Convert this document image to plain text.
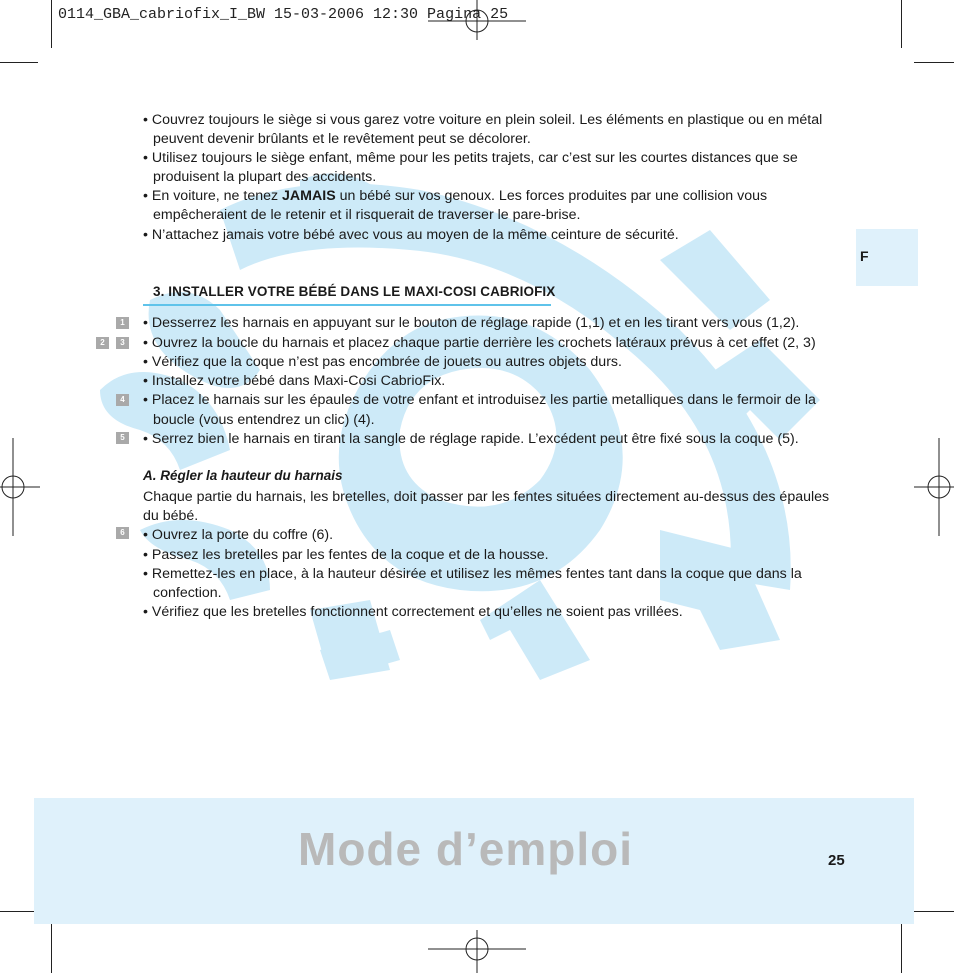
0114_GBA_cabriofix_I_BW 15-03-2006 12:30 Pagina 25
F
• Couvrez toujours le siège si vous garez votre voiture en plein soleil. Les éléments en plastique ou en métal
peuvent devenir brûlants et le revêtement peut se décolorer.
• Utilisez toujours le siège enfant, même pour les petits trajets, car c’est sur les courtes distances que se
produisent la plupart des accidents.
• En voiture, ne tenez JAMAIS un bébé sur vos genoux. Les forces produites par une collision vous
empêcheraient de le retenir et il risquerait de traverser le pare-brise.
• N’attachez jamais votre bébé avec vous au moyen de la même ceinture de sécurité.
3. INSTALLER VOTRE BÉBÉ DANS LE MAXI-COSI CABRIOFIX
1
2	3
4
5
6
• Desserrez les harnais en appuyant sur le bouton de réglage rapide (1,1) et en les tirant vers vous (1,2).
• Ouvrez la boucle du harnais et placez chaque partie derrière les crochets latéraux prévus à cet effet (2, 3)
• Vérifiez que la coque n’est pas encombrée de jouets ou autres objets durs.
• Installez votre bébé dans Maxi-Cosi CabrioFix.
• Placez le harnais sur les épaules de votre enfant et introduisez les partie metalliques dans le fermoir de la
boucle (vous entendrez un clic) (4).
• Serrez bien le harnais en tirant la sangle de réglage rapide. L’excédent peut être fixé sous la coque (5).
A. Régler la hauteur du harnais
Chaque partie du harnais, les bretelles, doit passer par les fentes situées directement au-dessus des épaules
du bébé.
• Ouvrez la porte du coffre (6).
• Passez les bretelles par les fentes de la coque et de la housse.
• Remettez-les en place, à la hauteur désirée et utilisez les mêmes fentes tant dans la coque que dans la
confection.
• Vérifiez que les bretelles fonctionnent correctement et qu’elles ne soient pas vrillées.
Mode d’emploi	25
